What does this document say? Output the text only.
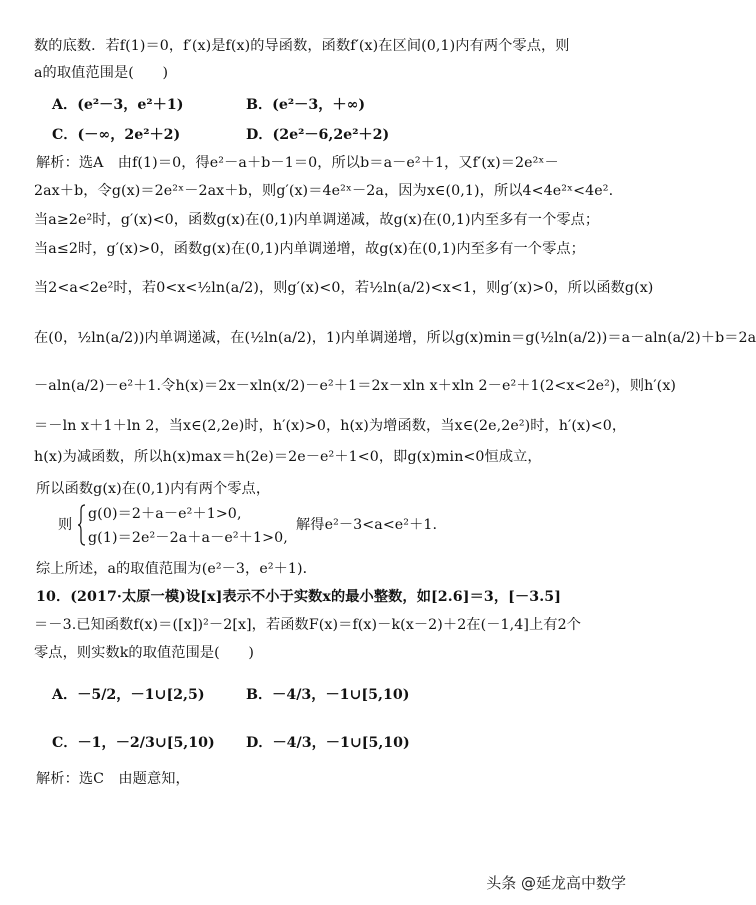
数的底数．若f(1)＝0，f′(x)是f(x)的导函数，函数f′(x)在区间(0,1)内有两个零点，则
a的取值范围是(　　)
A．(e²－3，e²＋1)	B．(e²－3，＋∞)
C．(－∞，2e²＋2)	D．(2e²－6,2e²＋2)
解析：选A　由f(1)＝0，得e²－a＋b－1＝0，所以b＝a－e²＋1，又f′(x)＝2e²ˣ－
2ax＋b，令g(x)＝2e²ˣ－2ax＋b，则g′(x)＝4e²ˣ－2a，因为x∈(0,1)，所以4<4e²ˣ<4e².
当a≥2e²时，g′(x)<0，函数g(x)在(0,1)内单调递减，故g(x)在(0,1)内至多有一个零点；
当a≤2时，g′(x)>0，函数g(x)在(0,1)内单调递增，故g(x)在(0,1)内至多有一个零点；
当2<a<2e²时，若0<x<½ln(a/2)，则g′(x)<0，若½ln(a/2)<x<1，则g′(x)>0，所以函数g(x)
在(0，½ln(a/2))内单调递减，在(½ln(a/2)，1)内单调递增，所以g(x)min＝g(½ln(a/2))＝a－aln(a/2)＋b＝2a
－aln(a/2)－e²＋1.令h(x)＝2x－xln(x/2)－e²＋1＝2x－xln x＋xln 2－e²＋1(2<x<2e²)，则h′(x)
＝－ln x＋1＋ln 2，当x∈(2,2e)时，h′(x)>0，h(x)为增函数，当x∈(2e,2e²)时，h′(x)<0，
h(x)为减函数，所以h(x)max＝h(2e)＝2e－e²＋1<0，即g(x)min<0恒成立，
所以函数g(x)在(0,1)内有两个零点，
则
g(0)＝2＋a－e²＋1>0,
g(1)＝2e²－2a＋a－e²＋1>0,
解得e²－3<a<e²＋1.
综上所述，a的取值范围为(e²－3，e²＋1)．
10．(2017·太原一模)设[x]表示不小于实数x的最小整数，如[2.6]＝3，[－3.5]
＝－3.已知函数f(x)＝([x])²－2[x]，若函数F(x)＝f(x)－k(x－2)＋2在(－1,4]上有2个
零点，则实数k的取值范围是(　　)
A．－5/2，－1∪[2,5)	B．－4/3，－1∪[5,10)
C．－1，－2/3∪[5,10) D．－4/3，－1∪[5,10)
解析：选C　由题意知，
头条 @延龙高中数学
